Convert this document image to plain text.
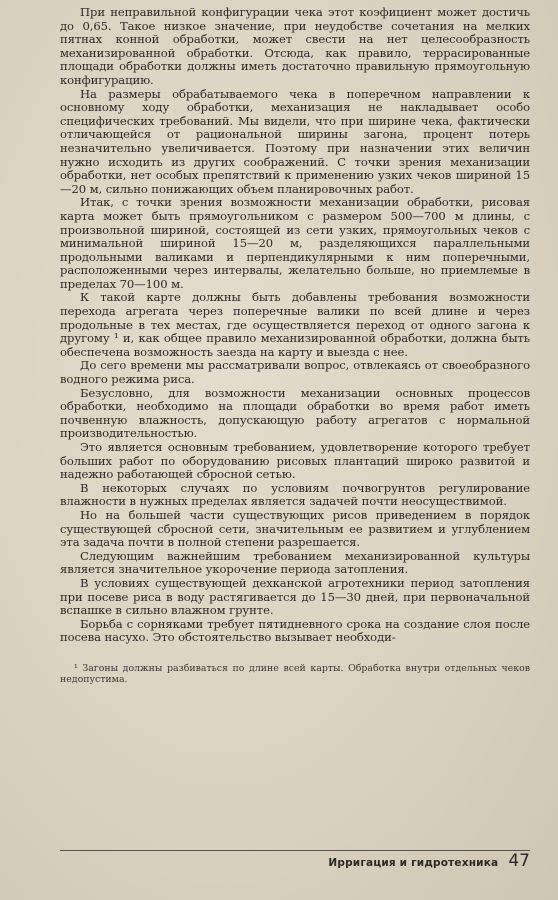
При неправильной конфигурации чека этот коэфициент может достичь до 0,65. Такое низкое значение, при неудобстве сочетания на мелких пятнах конной обработки, может свести на нет целесообразность механизированной обработки. Отсюда, как правило, террасированные площади обработки должны иметь достаточно правильную прямоугольную конфигурацию.

На размеры обрабатываемого чека в поперечном направлении к основному ходу обработки, механизация не накладывает особо специфических требований. Мы видели, что при ширине чека, фактически отличающейся от рациональной ширины загона, процент потерь незначительно увеличивается. Поэтому при назначении этих величин нужно исходить из других соображений. С точки зрения механизации обработки, нет особых препятствий к применению узких чеков шириной 15—20 м, сильно понижающих объем планировочных работ.

Итак, с точки зрения возможности механизации обработки, рисовая карта может быть прямоугольником с размером 500—700 м длины, с произвольной шириной, состоящей из сети узких, прямоугольных чеков с минимальной шириной 15—20 м, разделяющихся параллельными продольными валиками и перпендикулярными к ним поперечными, расположенными через интервалы, желательно больше, но приемлемые в пределах 70—100 м.

К такой карте должны быть добавлены требования возможности перехода агрегата через поперечные валики по всей длине и через продольные в тех местах, где осуществляется переход от одного загона к другому ¹ и, как общее правило механизированной обработки, должна быть обеспечена возможность заезда на карту и выезда с нее.

До сего времени мы рассматривали вопрос, отвлекаясь от своеобразного водного режима риса.

Безусловно, для возможности механизации основных процессов обработки, необходимо на площади обработки во время работ иметь почвенную влажность, допускающую работу агрегатов с нормальной производительностью.

Это является основным требованием, удовлетворение которого требует больших работ по оборудованию рисовых плантаций широко развитой и надежно работающей сбросной сетью.

В некоторых случаях по условиям почвогрунтов регулирование влажности в нужных пределах является задачей почти неосуществимой.

Но на большей части существующих рисов приведением в порядок существующей сбросной сети, значительным ее развитием и углублением эта задача почти в полной степени разрешается.

Следующим важнейшим требованием механизированной культуры является значительное укорочение периода затопления.

В условиях существующей дехканской агротехники период затопления при посеве риса в воду растягивается до 15—30 дней, при первоначальной вспашке в сильно влажном грунте.

Борьба с сорняками требует пятидневного срока на создание слоя после посева насухо. Это обстоятельство вызывает необходи-

¹ Загоны должны разбиваться по длине всей карты. Обработка внутри отдельных чеков недопустима.
Ирригация и гидротехника 47
